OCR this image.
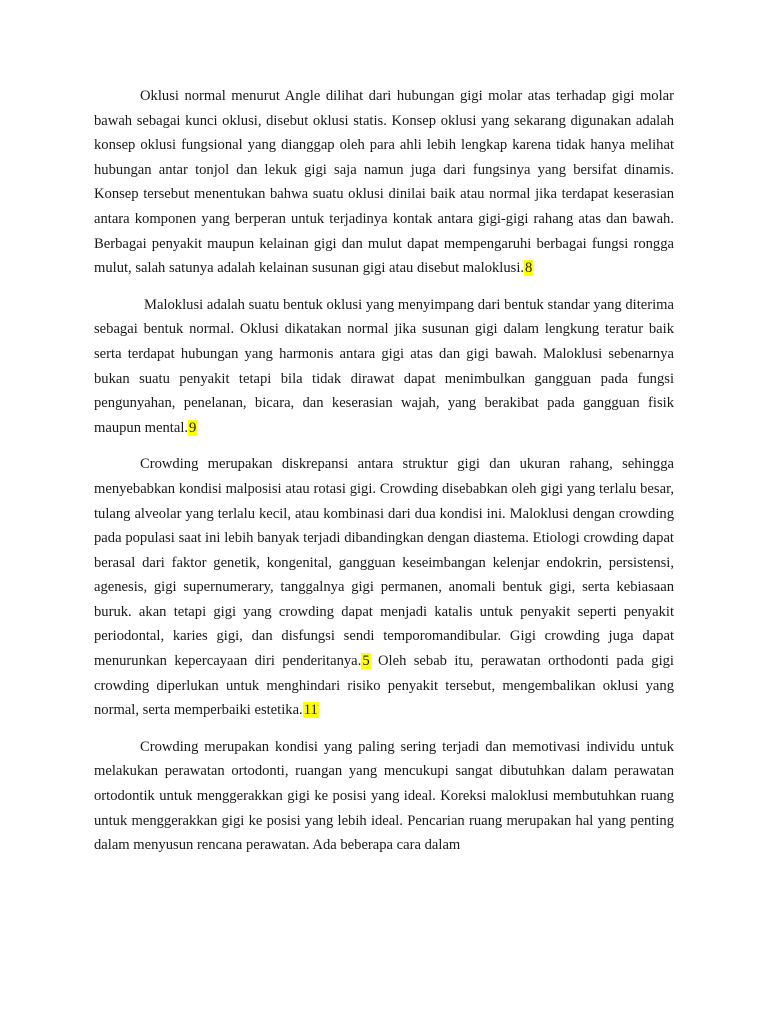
Oklusi normal menurut Angle dilihat dari hubungan gigi molar atas terhadap gigi molar bawah sebagai kunci oklusi, disebut oklusi statis. Konsep oklusi yang sekarang digunakan adalah konsep oklusi fungsional yang dianggap oleh para ahli lebih lengkap karena tidak hanya melihat hubungan antar tonjol dan lekuk gigi saja namun juga dari fungsinya yang bersifat dinamis. Konsep tersebut menentukan bahwa suatu oklusi dinilai baik atau normal jika terdapat keserasian antara komponen yang berperan untuk terjadinya kontak antara gigi-gigi rahang atas dan bawah. Berbagai penyakit maupun kelainan gigi dan mulut dapat mempengaruhi berbagai fungsi rongga mulut, salah satunya adalah kelainan susunan gigi atau disebut maloklusi.8

Maloklusi adalah suatu bentuk oklusi yang menyimpang dari bentuk standar yang diterima sebagai bentuk normal. Oklusi dikatakan normal jika susunan gigi dalam lengkung teratur baik serta terdapat hubungan yang harmonis antara gigi atas dan gigi bawah. Maloklusi sebenarnya bukan suatu penyakit tetapi bila tidak dirawat dapat menimbulkan gangguan pada fungsi pengunyahan, penelanan, bicara, dan keserasian wajah, yang berakibat pada gangguan fisik maupun mental.9

Crowding merupakan diskrepansi antara struktur gigi dan ukuran rahang, sehingga menyebabkan kondisi malposisi atau rotasi gigi. Crowding disebabkan oleh gigi yang terlalu besar, tulang alveolar yang terlalu kecil, atau kombinasi dari dua kondisi ini. Maloklusi dengan crowding pada populasi saat ini lebih banyak terjadi dibandingkan dengan diastema. Etiologi crowding dapat berasal dari faktor genetik, kongenital, gangguan keseimbangan kelenjar endokrin, persistensi, agenesis, gigi supernumerary, tanggalnya gigi permanen, anomali bentuk gigi, serta kebiasaan buruk. akan tetapi gigi yang crowding dapat menjadi katalis untuk penyakit seperti penyakit periodontal, karies gigi, dan disfungsi sendi temporomandibular. Gigi crowding juga dapat menurunkan kepercayaan diri penderitanya.5 Oleh sebab itu, perawatan orthodonti pada gigi crowding diperlukan untuk menghindari risiko penyakit tersebut, mengembalikan oklusi yang normal, serta memperbaiki estetika.11

Crowding merupakan kondisi yang paling sering terjadi dan memotivasi individu untuk melakukan perawatan ortodonti, ruangan yang mencukupi sangat dibutuhkan dalam perawatan ortodontik untuk menggerakkan gigi ke posisi yang ideal. Koreksi maloklusi membutuhkan ruang untuk menggerakkan gigi ke posisi yang lebih ideal. Pencarian ruang merupakan hal yang penting dalam menyusun rencana perawatan. Ada beberapa cara dalam
